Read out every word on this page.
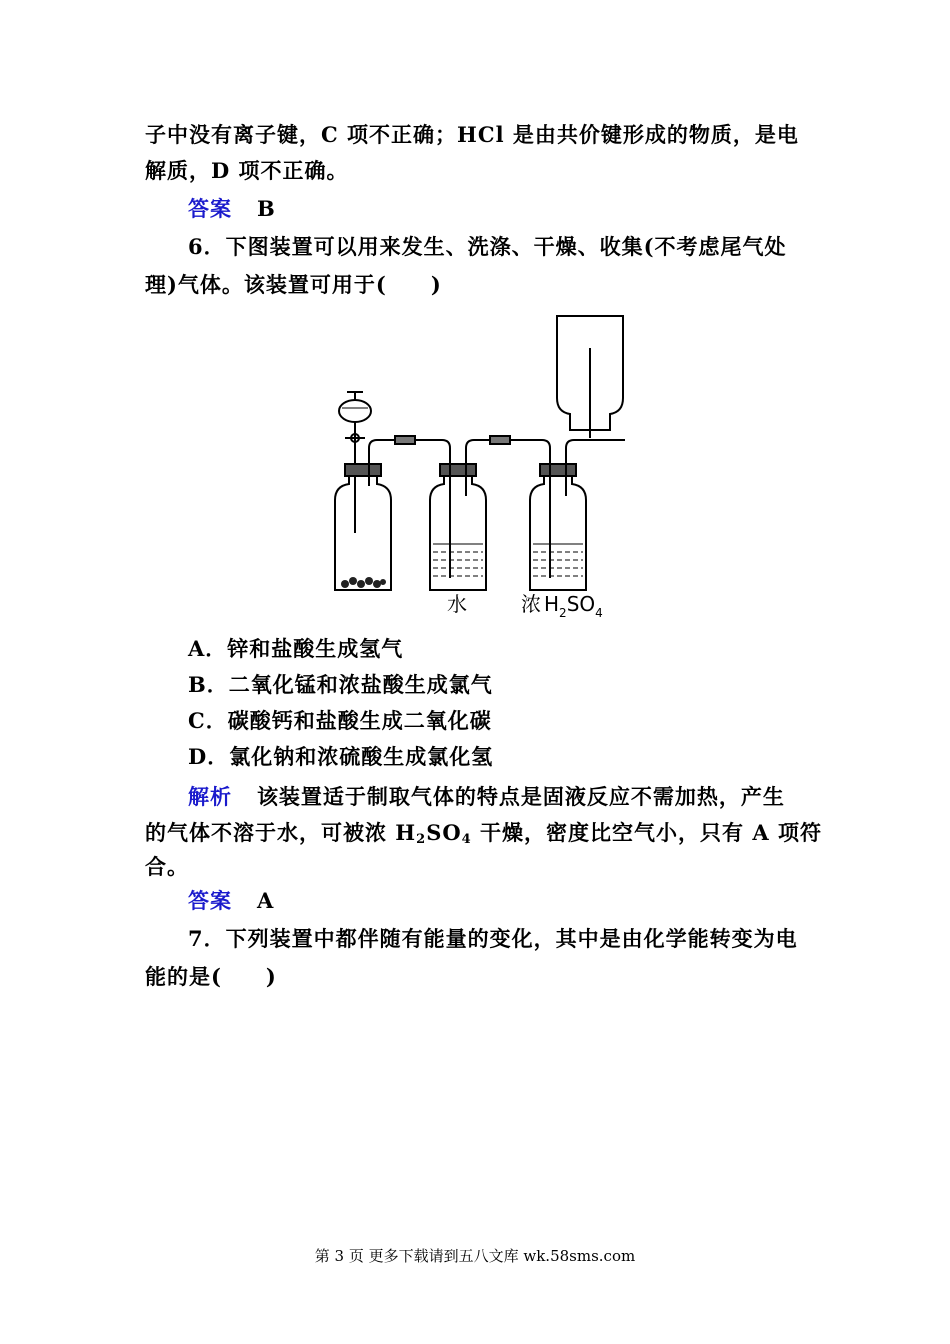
子中没有离子键，C 项不正确；HCl 是由共价键形成的物质，是电
解质，D 项不正确。
答案 B
6．下图装置可以用来发生、洗涤、干燥、收集(不考虑尾气处
理)气体。该装置可用于(　　)
水	浓 $H_2SO_4$
A．锌和盐酸生成氢气
B．二氧化锰和浓盐酸生成氯气
C．碳酸钙和盐酸生成二氧化碳
D．氯化钠和浓硫酸生成氯化氢
解析 该装置适于制取气体的特点是固液反应不需加热，产生
的气体不溶于水，可被浓 $H_2SO_4$ 干燥，密度比空气小，只有 A 项符
合。
答案 A
7．下列装置中都伴随有能量的变化，其中是由化学能转变为电
能的是(　　)
第 3 页 更多下载请到五八文库 wk.58sms.com
